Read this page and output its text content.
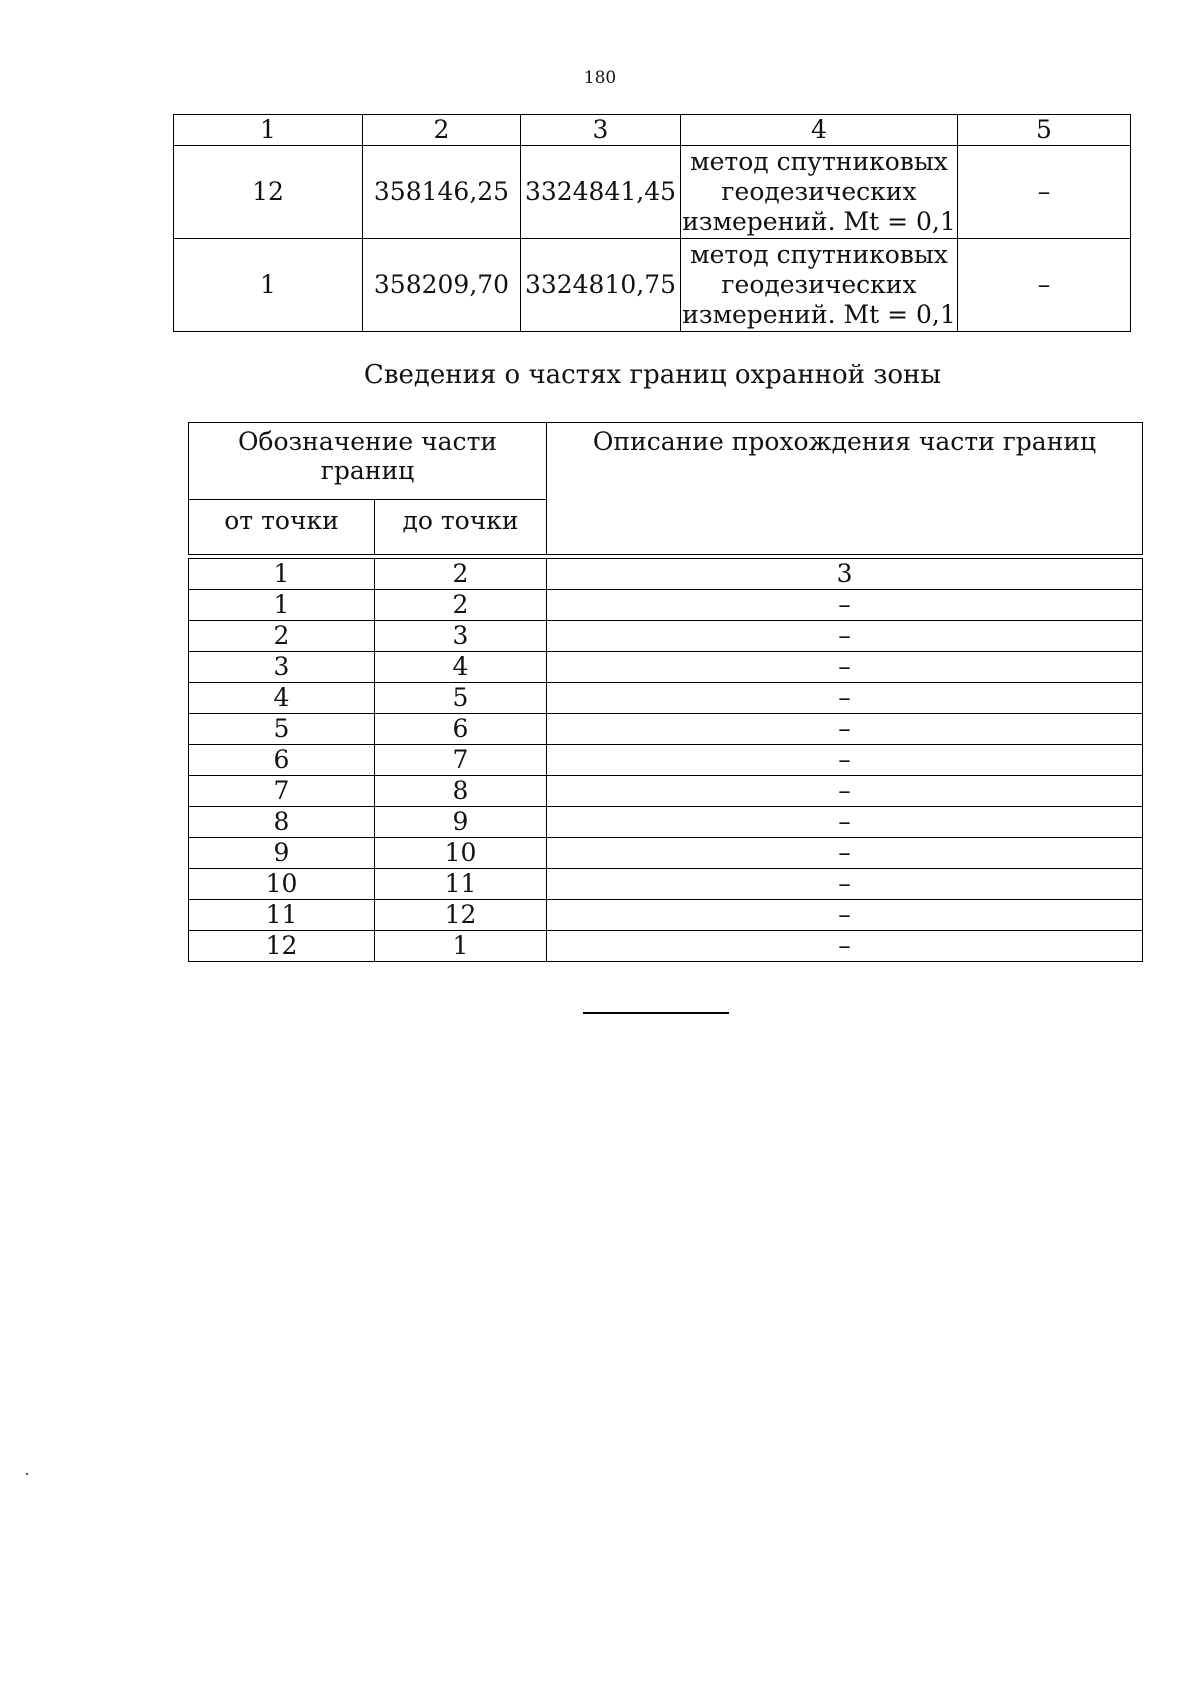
180
1	2	3	4	5
12	358146,25	3324841,45	метод спутниковых
геодезических
измерений. Mt = 0,1	–
1	358209,70	3324810,75	метод спутниковых
геодезических
измерений. Mt = 0,1	–
Сведения о частях границ охранной зоны
Обозначение части границ		Описание прохождения части границ
от точки	до точки	

1	2	3
1	2	–
2	3	–
3	4	–
4	5	–
5	6	–
6	7	–
7	8	–
8	9	–
9	10	–
10	11	–
11	12	–
12	1	–
